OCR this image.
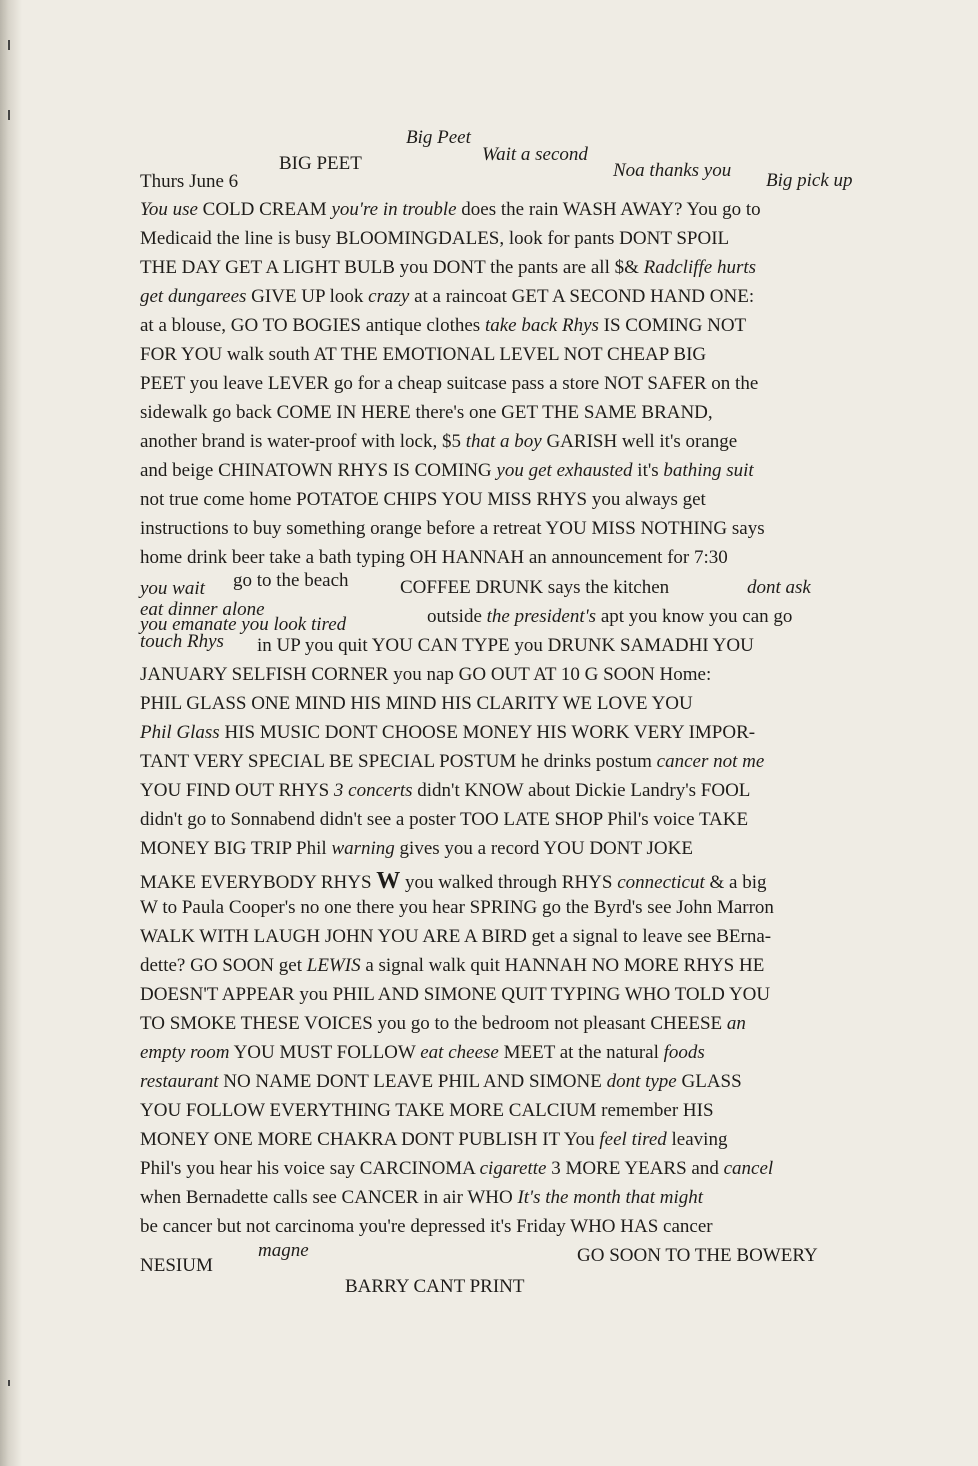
Big Peet
Wait a second
BIG PEET	Noa thanks you
Thurs June 6	Big pick up
You use COLD CREAM you're in trouble does the rain WASH AWAY? You go to
Medicaid the line is busy BLOOMINGDALES, look for pants DONT SPOIL
THE DAY GET A LIGHT BULB you DONT the pants are all $& Radcliffe hurts
get dungarees GIVE UP look crazy at a raincoat GET A SECOND HAND ONE:
at a blouse, GO TO BOGIES antique clothes take back Rhys IS COMING NOT
FOR YOU walk south AT THE EMOTIONAL LEVEL NOT CHEAP BIG
PEET you leave LEVER go for a cheap suitcase pass a store NOT SAFER on the
sidewalk go back COME IN HERE there's one GET THE SAME BRAND,
another brand is water-proof with lock, $5 that a boy GARISH well it's orange
and beige CHINATOWN RHYS IS COMING you get exhausted it's bathing suit
not true come home POTATOE CHIPS YOU MISS RHYS you always get
instructions to buy something orange before a retreat YOU MISS NOTHING says
home drink beer take a bath typing OH HANNAH an announcement for 7:30
you wait go to the beach	COFFEE DRUNK says the kitchen	dont ask
eat dinner alone
you emanate you look tired	outside the president's apt you know you can go
touch Rhys in UP you quit YOU CAN TYPE you DRUNK SAMADHI YOU
JANUARY SELFISH CORNER you nap GO OUT AT 10 G SOON Home:
PHIL GLASS ONE MIND HIS MIND HIS CLARITY WE LOVE YOU
Phil Glass HIS MUSIC DONT CHOOSE MONEY HIS WORK VERY IMPOR-
TANT VERY SPECIAL BE SPECIAL POSTUM he drinks postum cancer not me
YOU FIND OUT RHYS 3 concerts didn't KNOW about Dickie Landry's FOOL
didn't go to Sonnabend didn't see a poster TOO LATE SHOP Phil's voice TAKE
MONEY BIG TRIP Phil warning gives you a record YOU DONT JOKE
MAKE EVERYBODY RHYS W you walked through RHYS connecticut & a big
W to Paula Cooper's no one there you hear SPRING go the Byrd's see John Marron
WALK WITH LAUGH JOHN YOU ARE A BIRD get a signal to leave see BErna-
dette? GO SOON get LEWIS a signal walk quit HANNAH NO MORE RHYS HE
DOESN'T APPEAR you PHIL AND SIMONE QUIT TYPING WHO TOLD YOU
TO SMOKE THESE VOICES you go to the bedroom not pleasant CHEESE an
empty room YOU MUST FOLLOW eat cheese MEET at the natural foods
restaurant NO NAME DONT LEAVE PHIL AND SIMONE dont type GLASS
YOU FOLLOW EVERYTHING TAKE MORE CALCIUM remember HIS
MONEY ONE MORE CHAKRA DONT PUBLISH IT You feel tired leaving
Phil's you hear his voice say CARCINOMA cigarette 3 MORE YEARS and cancel
when Bernadette calls see CANCER in air WHO It's the month that might
be cancer but not carcinoma you're depressed it's Friday WHO HAS cancer
magne
NESIUM	GO SOON TO THE BOWERY
BARRY CANT PRINT
